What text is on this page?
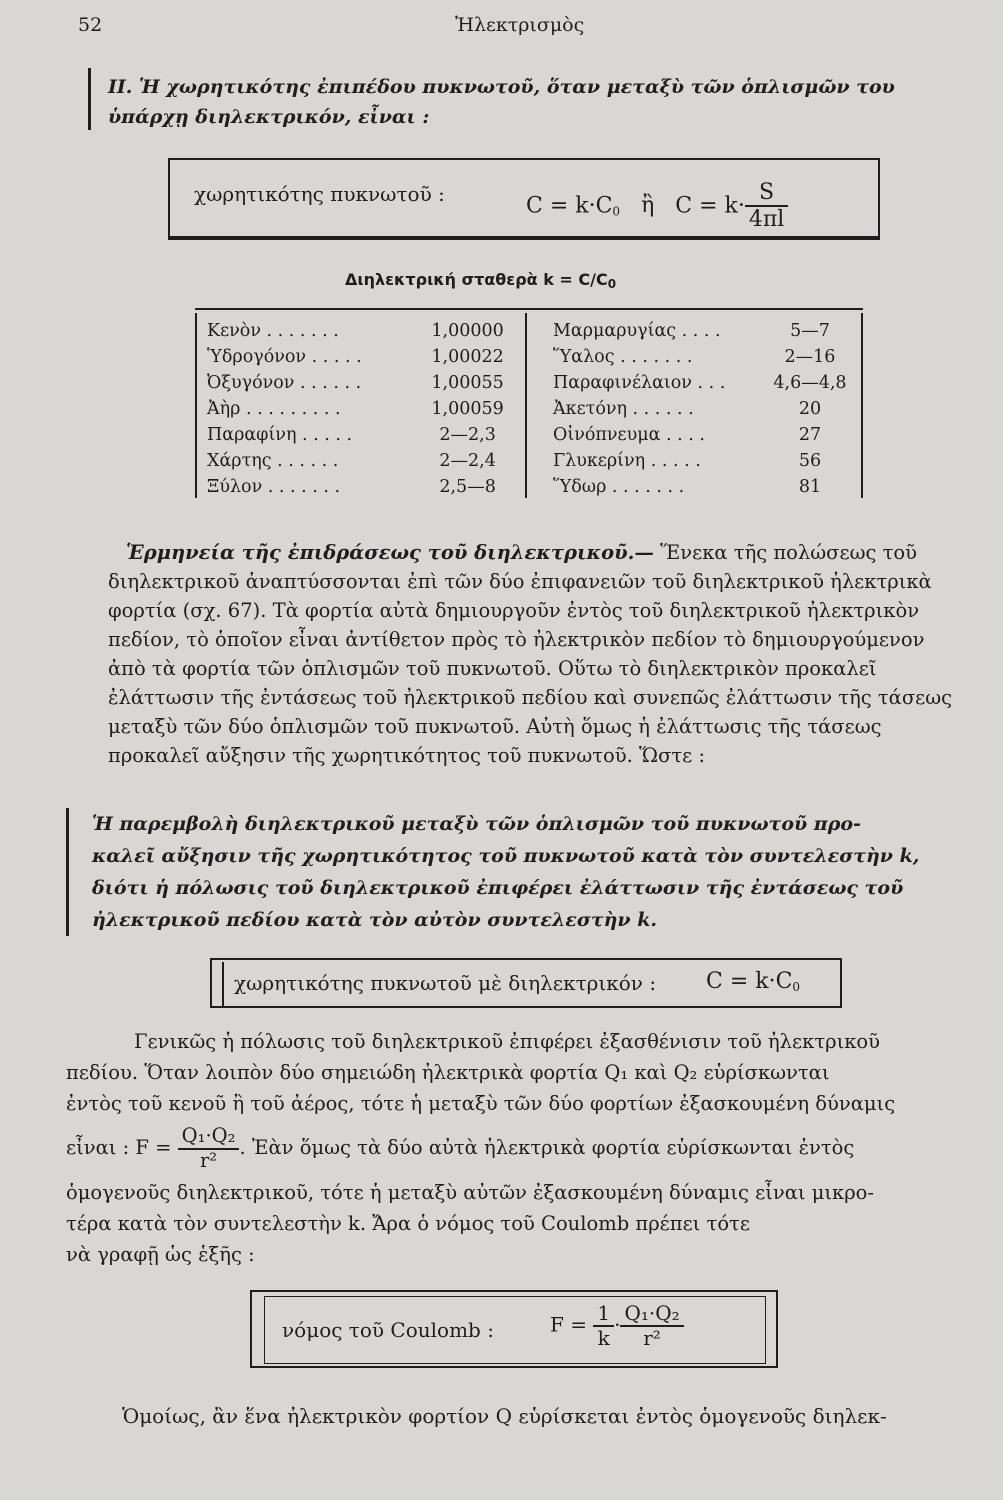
52	Ἠλεκτρισμὸς
II. Ἡ χωρητικότης ἐπιπέδου πυκνωτοῦ, ὅταν μεταξὺ τῶν ὁπλισμῶν του
ὑπάρχῃ διηλεκτρικόν, εἶναι :
χωρητικότης πυκνωτοῦ :	$C = k\cdot C_0$ ἢ $C = k\cdot \frac{S}{4\pi l}$
Διηλεκτρική σταθερὰ $k = C/C_0$
Κενὸν . . . . . . .	1,00000
Ὑδρογόνον . . . . .	1,00022
Ὀξυγόνον . . . . . .	1,00055
Ἀὴρ . . . . . . . . .	1,00059
Παραφίνη . . . . .	2—2,3
Χάρτης . . . . . .	2—2,4
Ξύλον . . . . . . .	2,5—8
Μαρμαρυγίας . . . .	5—7
Ὕαλος . . . . . . .	2—16
Παραφινέλαιον . . .	4,6—4,8
Ἀκετόνη . . . . . .	20
Οἰνόπνευμα . . . .	27
Γλυκερίνη . . . . .	56
Ὕδωρ . . . . . . .	81
Ἑρμηνεία τῆς ἐπιδράσεως τοῦ διηλεκτρικοῦ.— Ἕνεκα τῆς πολώσεως τοῦ
διηλεκτρικοῦ ἀναπτύσσονται ἐπὶ τῶν δύο ἐπιφανειῶν τοῦ διηλεκτρικοῦ ἠλεκτρικὰ
φορτία (σχ. 67). Τὰ φορτία αὐτὰ δημιουργοῦν ἐντὸς τοῦ διηλεκτρικοῦ ἠλεκτρικὸν
πεδίον, τὸ ὁποῖον εἶναι ἀντίθετον πρὸς τὸ ἠλεκτρικὸν πεδίον τὸ δημιουργούμενον
ἀπὸ τὰ φορτία τῶν ὁπλισμῶν τοῦ πυκνωτοῦ. Οὕτω τὸ διηλεκτρικὸν προκαλεῖ
ἐλάττωσιν τῆς ἐντάσεως τοῦ ἠλεκτρικοῦ πεδίου καὶ συνεπῶς ἐλάττωσιν τῆς τάσεως
μεταξὺ τῶν δύο ὁπλισμῶν τοῦ πυκνωτοῦ. Αὐτὴ ὅμως ἡ ἐλάττωσις τῆς τάσεως
προκαλεῖ αὔξησιν τῆς χωρητικότητος τοῦ πυκνωτοῦ. Ὥστε :
Ἡ παρεμβολὴ διηλεκτρικοῦ μεταξὺ τῶν ὁπλισμῶν τοῦ πυκνωτοῦ προ-
καλεῖ αὔξησιν τῆς χωρητικότητος τοῦ πυκνωτοῦ κατὰ τὸν συντελεστὴν k,
διότι ἡ πόλωσις τοῦ διηλεκτρικοῦ ἐπιφέρει ἐλάττωσιν τῆς ἐντάσεως τοῦ
ἠλεκτρικοῦ πεδίου κατὰ τὸν αὐτὸν συντελεστὴν k.
χωρητικότης πυκνωτοῦ μὲ διηλεκτρικόν : $C = k\cdot C_0$
Γενικῶς ἡ πόλωσις τοῦ διηλεκτρικοῦ ἐπιφέρει ἐξασθένισιν τοῦ ἠλεκτρικοῦ
πεδίου. Ὅταν λοιπὸν δύο σημειώδη ἠλεκτρικὰ φορτία Q₁ καὶ Q₂ εὑρίσκωνται
ἐντὸς τοῦ κενοῦ ἢ τοῦ ἀέρος, τότε ἡ μεταξὺ τῶν δύο φορτίων ἐξασκουμένη δύναμις
εἶναι : $F = \frac{\text{Q₁·Q₂}}{\text{r²}}$ . Ἐὰν ὅμως τὰ δύο αὐτὰ ἠλεκτρικὰ φορτία εὑρίσκωνται ἐντὸς
ὁμογενοῦς διηλεκτρικοῦ, τότε ἡ μεταξὺ αὐτῶν ἐξασκουμένη δύναμις εἶναι μικρο-
τέρα κατὰ τὸν συντελεστὴν k. Ἄρα ὁ νόμος τοῦ Coulomb πρέπει τότε
νὰ γραφῇ ὡς ἑξῆς :
νόμος τοῦ Coulomb :	$F = \frac{1}{k} \cdot \frac{\text{Q₁·Q₂}}{\text{r²}}$
Ὁμοίως, ἂν ἕνα ἠλεκτρικὸν φορτίον Q εὑρίσκεται ἐντὸς ὁμογενοῦς διηλεκ-
